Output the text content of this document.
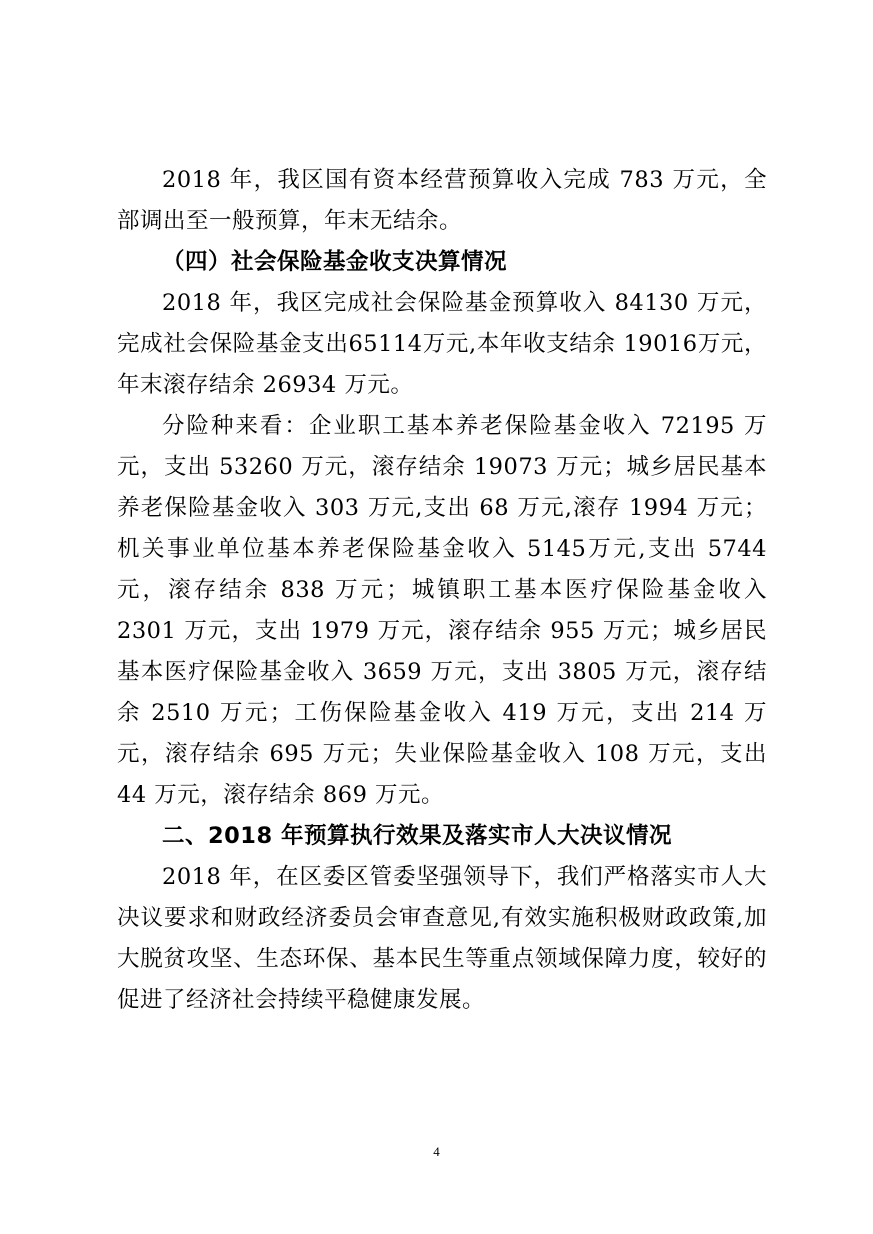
2018 年，我区国有资本经营预算收入完成 783 万元，全部调出至一般预算，年末无结余。

（四）社会保险基金收支决算情况

2018 年，我区完成社会保险基金预算收入 84130 万元，完成社会保险基金支出65114万元,本年收支结余 19016万元，年末滚存结余 26934 万元。

分险种来看：企业职工基本养老保险基金收入 72195 万元，支出 53260 万元，滚存结余 19073 万元；城乡居民基本养老保险基金收入 303 万元,支出 68 万元,滚存 1994 万元；机关事业单位基本养老保险基金收入 5145万元,支出 5744 元，滚存结余 838 万元；城镇职工基本医疗保险基金收入 2301 万元，支出 1979 万元，滚存结余 955 万元；城乡居民基本医疗保险基金收入 3659 万元，支出 3805 万元，滚存结余 2510 万元；工伤保险基金收入 419 万元，支出 214 万元，滚存结余 695 万元；失业保险基金收入 108 万元，支出 44 万元，滚存结余 869 万元。

二、2018 年预算执行效果及落实市人大决议情况

2018 年，在区委区管委坚强领导下，我们严格落实市人大决议要求和财政经济委员会审查意见,有效实施积极财政政策,加大脱贫攻坚、生态环保、基本民生等重点领域保障力度，较好的促进了经济社会持续平稳健康发展。

4
